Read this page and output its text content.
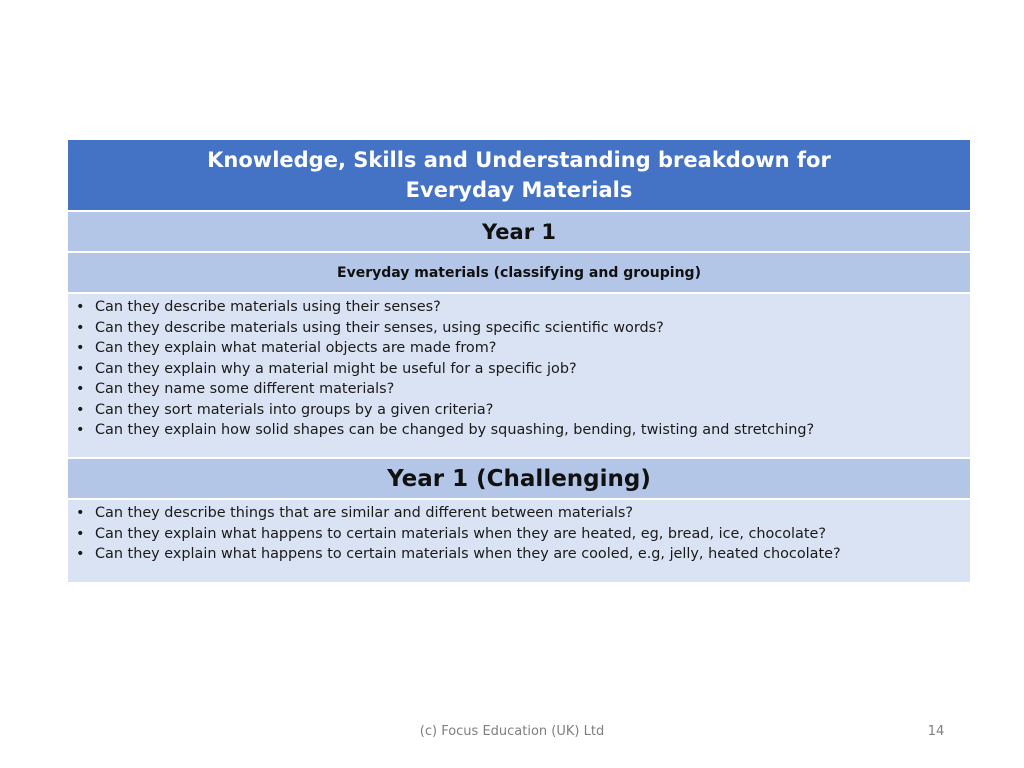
Knowledge, Skills and Understanding breakdown for
Everyday Materials
Year 1
Everyday materials (classifying and grouping)
• Can they describe materials using their senses?
• Can they describe materials using their senses, using specific scientific words?
• Can they explain what material objects are made from?
• Can they explain why a material might be useful for a specific job?
• Can they name some different materials?
• Can they sort materials into groups by a given criteria?
• Can they explain how solid shapes can be changed by squashing, bending, twisting and stretching?
Year 1 (Challenging)
• Can they describe things that are similar and different between materials?
• Can they explain what happens to certain materials when they are heated, eg, bread, ice, chocolate?
• Can they explain what happens to certain materials when they are cooled, e.g, jelly, heated chocolate?
(c) Focus Education (UK) Ltd	14
